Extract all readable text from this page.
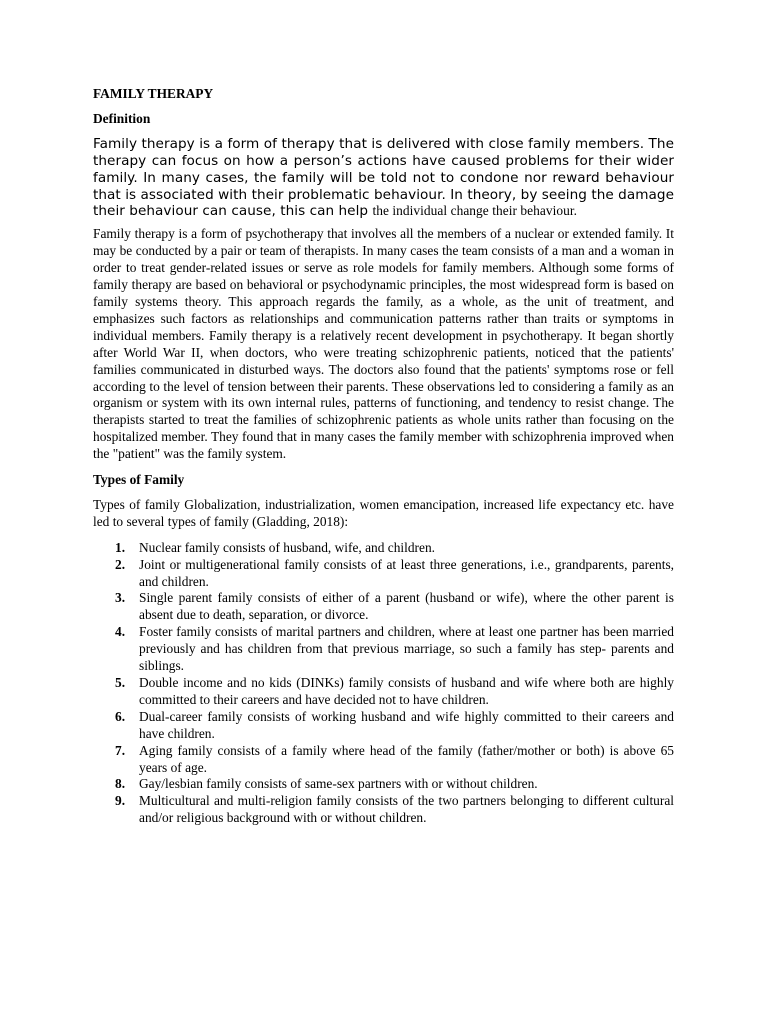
FAMILY THERAPY

Definition

Family therapy is a form of therapy that is delivered with close family members. The therapy can focus on how a person’s actions have caused problems for their wider family. In many cases, the family will be told not to condone nor reward behaviour that is associated with their problematic behaviour. In theory, by seeing the damage their behaviour can cause, this can help the individual change their behaviour.

Family therapy is a form of psychotherapy that involves all the members of a nuclear or extended family. It may be conducted by a pair or team of therapists. In many cases the team consists of a man and a woman in order to treat gender-related issues or serve as role models for family members. Although some forms of family therapy are based on behavioral or psychodynamic principles, the most widespread form is based on family systems theory. This approach regards the family, as a whole, as the unit of treatment, and emphasizes such factors as relationships and communication patterns rather than traits or symptoms in individual members. Family therapy is a relatively recent development in psychotherapy. It began shortly after World War II, when doctors, who were treating schizophrenic patients, noticed that the patients' families communicated in disturbed ways. The doctors also found that the patients' symptoms rose or fell according to the level of tension between their parents. These observations led to considering a family as an organism or system with its own internal rules, patterns of functioning, and tendency to resist change. The therapists started to treat the families of schizophrenic patients as whole units rather than focusing on the hospitalized member. They found that in many cases the family member with schizophrenia improved when the "patient" was the family system.

Types of Family

Types of family Globalization, industrialization, women emancipation, increased life expectancy etc. have led to several types of family (Gladding, 2018):

1. Nuclear family consists of husband, wife, and children.
2. Joint or multigenerational family consists of at least three generations, i.e., grandparents, parents, and children.
3. Single parent family consists of either of a parent (husband or wife), where the other parent is absent due to death, separation, or divorce.
4. Foster family consists of marital partners and children, where at least one partner has been married previously and has children from that previous marriage, so such a family has step- parents and siblings.
5. Double income and no kids (DINKs) family consists of husband and wife where both are highly committed to their careers and have decided not to have children.
6. Dual-career family consists of working husband and wife highly committed to their careers and have children.
7. Aging family consists of a family where head of the family (father/mother or both) is above 65 years of age.
8. Gay/lesbian family consists of same-sex partners with or without children.
9. Multicultural and multi-religion family consists of the two partners belonging to different cultural and/or religious background with or without children.
